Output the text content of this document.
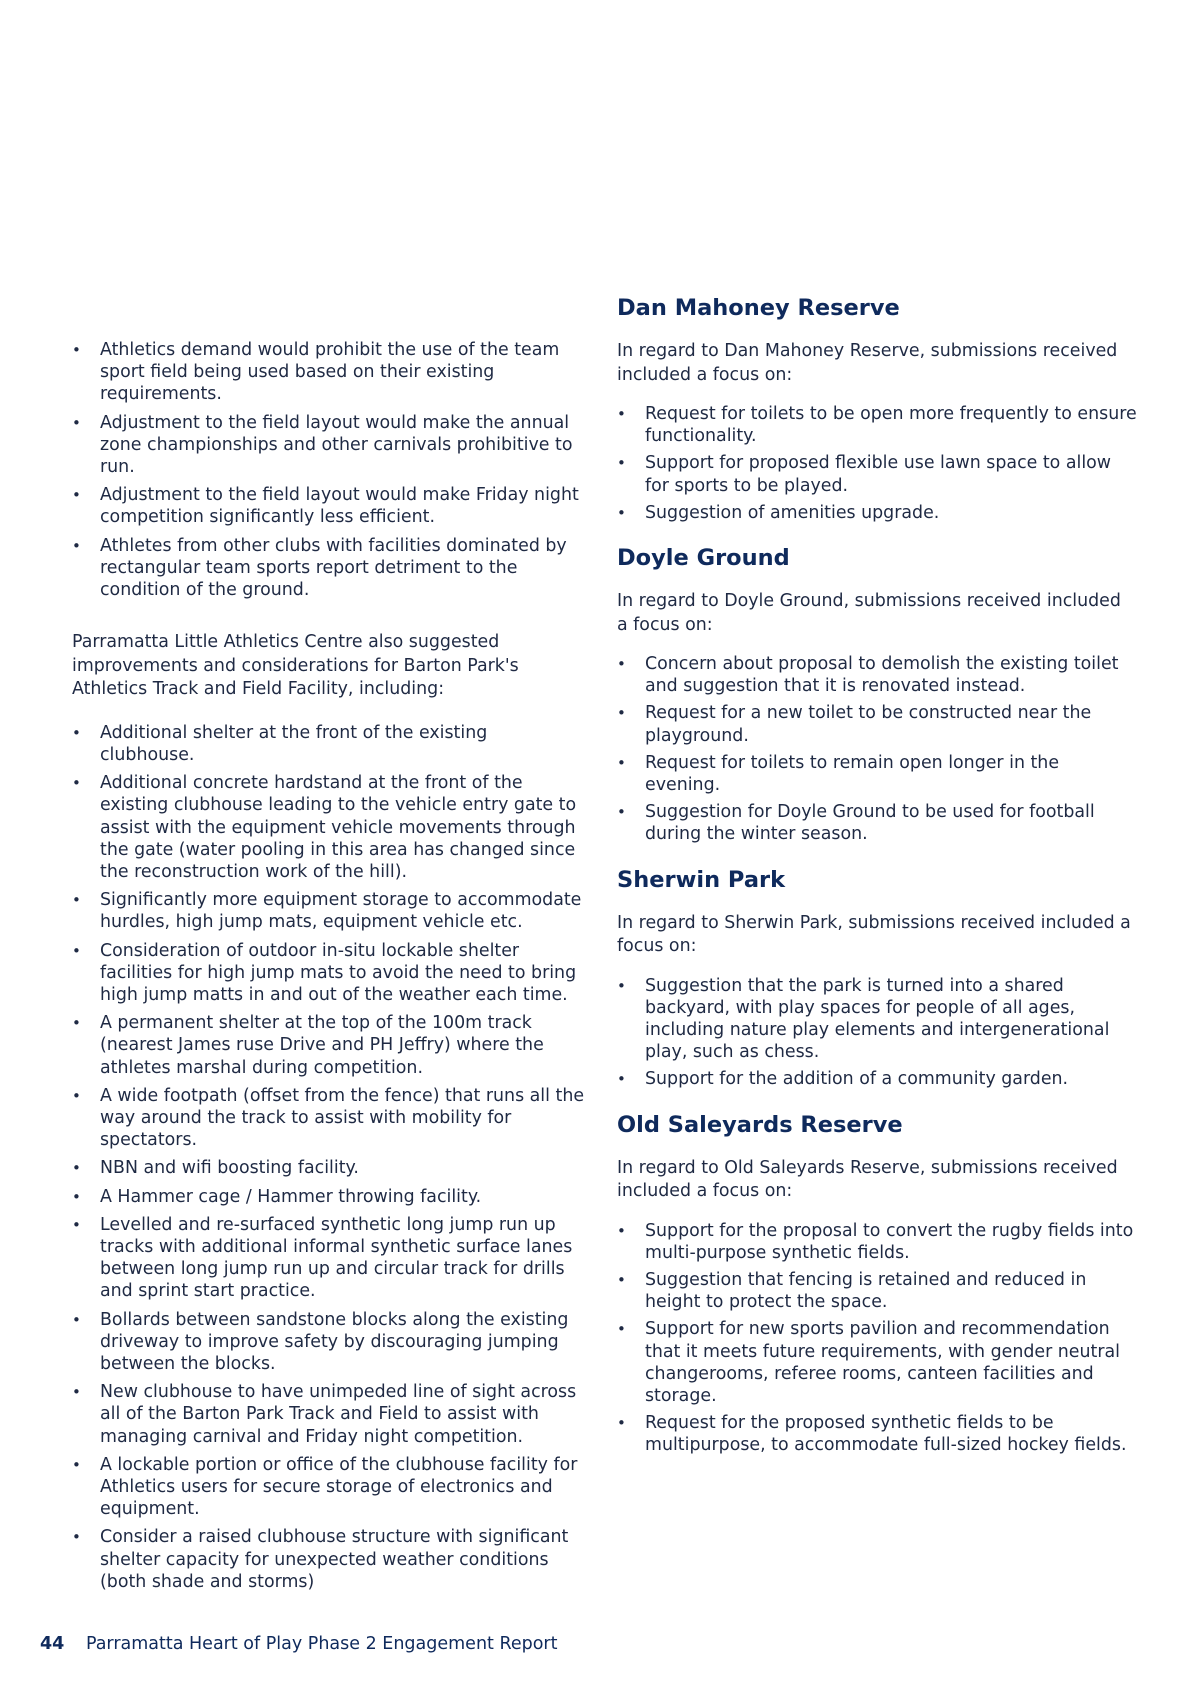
• Athletics demand would prohibit the use of the team sport field being used based on their existing requirements.
• Adjustment to the field layout would make the annual zone championships and other carnivals prohibitive to run.
• Adjustment to the field layout would make Friday night competition significantly less efficient.
• Athletes from other clubs with facilities dominated by rectangular team sports report detriment to the condition of the ground.

Parramatta Little Athletics Centre also suggested improvements and considerations for Barton Park's Athletics Track and Field Facility, including:

• Additional shelter at the front of the existing clubhouse.
• Additional concrete hardstand at the front of the existing clubhouse leading to the vehicle entry gate to assist with the equipment vehicle movements through the gate (water pooling in this area has changed since the reconstruction work of the hill).
• Significantly more equipment storage to accommodate hurdles, high jump mats, equipment vehicle etc.
• Consideration of outdoor in-situ lockable shelter facilities for high jump mats to avoid the need to bring high jump matts in and out of the weather each time.
• A permanent shelter at the top of the 100m track (nearest James ruse Drive and PH Jeffry) where the athletes marshal during competition.
• A wide footpath (offset from the fence) that runs all the way around the track to assist with mobility for spectators.
• NBN and wifi boosting facility.
• A Hammer cage / Hammer throwing facility.
• Levelled and re-surfaced synthetic long jump run up tracks with additional informal synthetic surface lanes between long jump run up and circular track for drills and sprint start practice.
• Bollards between sandstone blocks along the existing driveway to improve safety by discouraging jumping between the blocks.
• New clubhouse to have unimpeded line of sight across all of the Barton Park Track and Field to assist with managing carnival and Friday night competition.
• A lockable portion or office of the clubhouse facility for Athletics users for secure storage of electronics and equipment.
• Consider a raised clubhouse structure with significant shelter capacity for unexpected weather conditions (both shade and storms)
Dan Mahoney Reserve

In regard to Dan Mahoney Reserve, submissions received included a focus on:

• Request for toilets to be open more frequently to ensure functionality.
• Support for proposed flexible use lawn space to allow for sports to be played.
• Suggestion of amenities upgrade.
Doyle Ground

In regard to Doyle Ground, submissions received included a focus on:

• Concern about proposal to demolish the existing toilet and suggestion that it is renovated instead.
• Request for a new toilet to be constructed near the playground.
• Request for toilets to remain open longer in the evening.
• Suggestion for Doyle Ground to be used for football during the winter season.
Sherwin Park

In regard to Sherwin Park, submissions received included a focus on:

• Suggestion that the park is turned into a shared backyard, with play spaces for people of all ages, including nature play elements and intergenerational play, such as chess.
• Support for the addition of a community garden.
Old Saleyards Reserve

In regard to Old Saleyards Reserve, submissions received included a focus on:

• Support for the proposal to convert the rugby fields into multi-purpose synthetic fields.
• Suggestion that fencing is retained and reduced in height to protect the space.
• Support for new sports pavilion and recommendation that it meets future requirements, with gender neutral changerooms, referee rooms, canteen facilities and storage.
• Request for the proposed synthetic fields to be multipurpose, to accommodate full-sized hockey fields.
44 Parramatta Heart of Play Phase 2 Engagement Report
